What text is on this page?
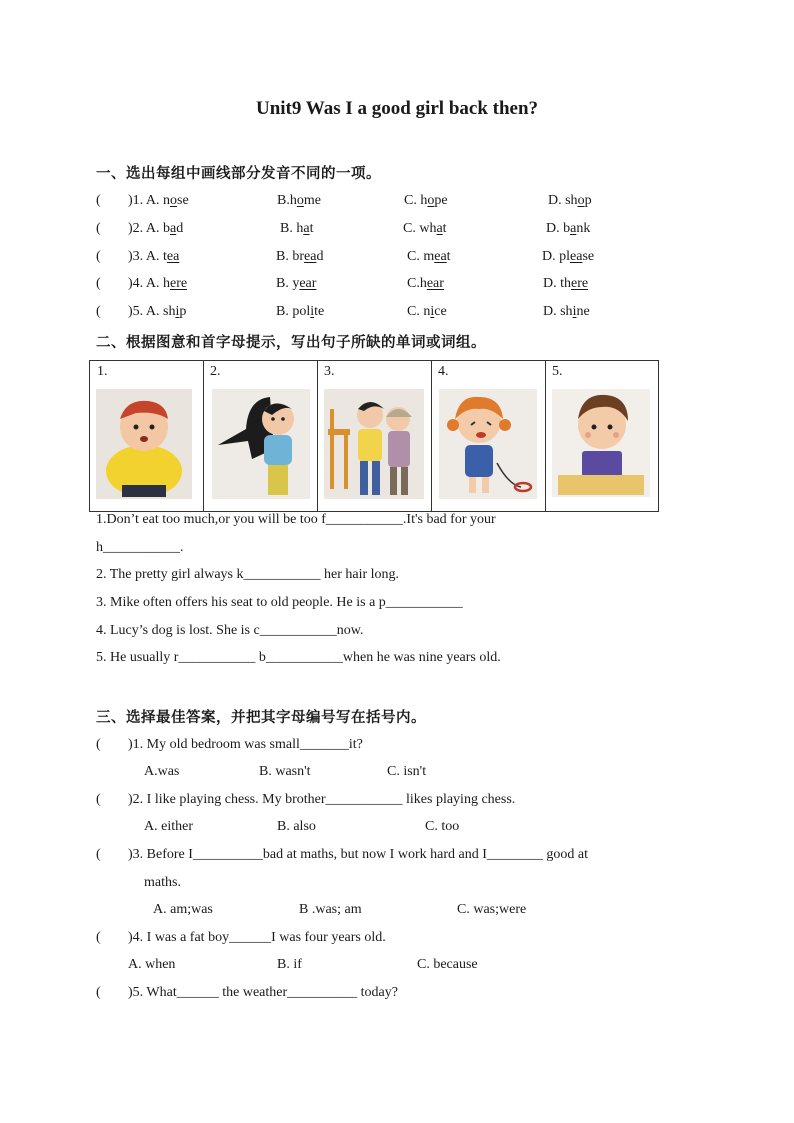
Unit9 Was I a good girl back then?
一、选出每组中画线部分发音不同的一项。
( )1. A. nose	B.home	C. hope	D. shop
( )2. A. bad	B. hat	C. what	D. bank
( )3. A. tea	B. bread	C. meat	D. please
( )4. A. here	B. year	C.hear	D. there
( )5. A. ship	B. polite	C. nice	D. shine
二、根据图意和首字母提示，写出句子所缺的单词或词组。
1.	2.	3.	4.	5.
1.Don’t eat too much,or you will be too f___________.It's bad for your
h___________.
2. The pretty girl always k___________ her hair long.
3. Mike often offers his seat to old people. He is a p___________
4. Lucy’s dog is lost. She is c___________now.
5. He usually r___________ b___________when he was nine years old.
三、选择最佳答案，并把其字母编号写在括号内。
( )1. My old bedroom was small_______it?
A.was	B. wasn't	C. isn't
( )2. I like playing chess. My brother___________ likes playing chess.
A. either	B. also	C. too
( )3. Before I__________bad at maths, but now I work hard and I________ good at
maths.
A. am;was	B .was; am	C. was;were
( )4. I was a fat boy______I was four years old.
A. when	B. if	C. because
( )5. What______ the weather__________ today?
